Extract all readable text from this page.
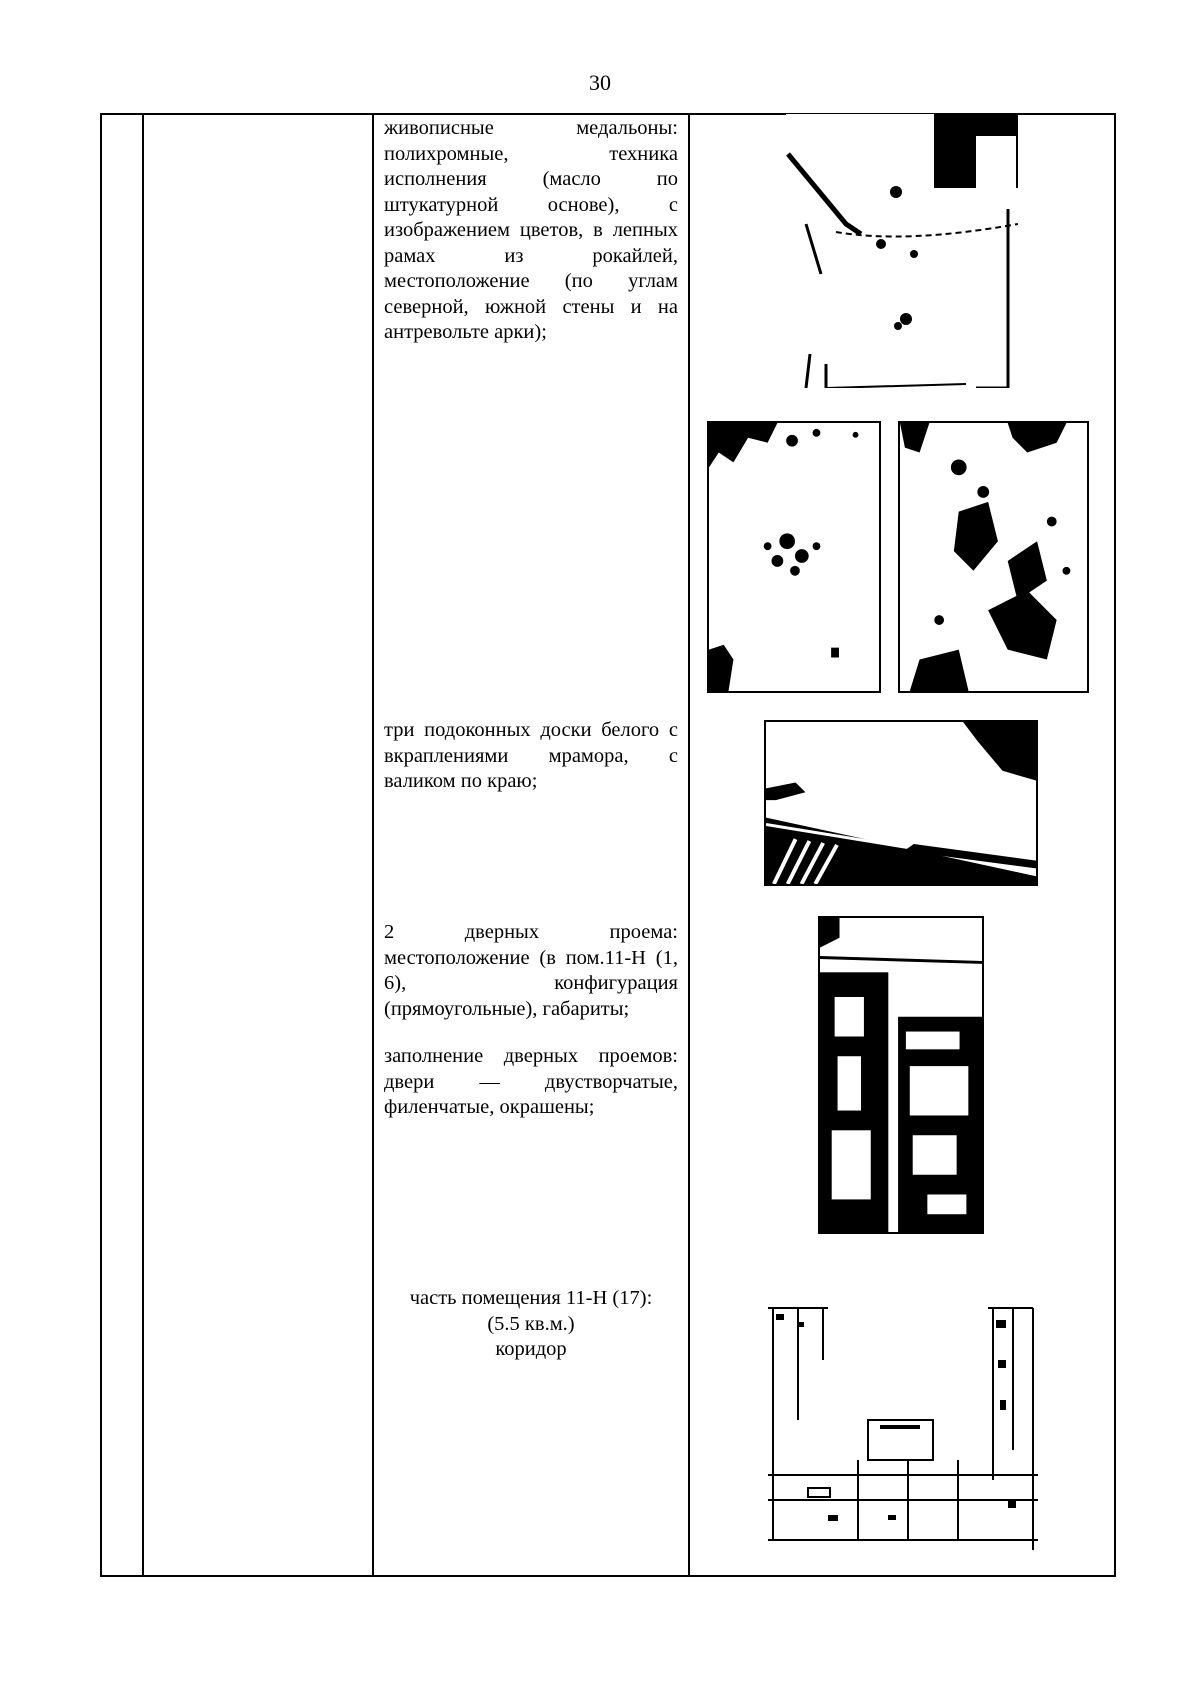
30
живописные медальоны: полихромные, техника исполнения (масло по штукатурной основе), с изображением цветов, в лепных рамах из рокайлей, местоположение (по углам северной, южной стены и на антревольте арки);
три подоконных доски белого с вкраплениями мрамора, с валиком по краю;
2 дверных проема: местоположение (в пом.11-Н (1, 6), конфигурация (прямоугольные), габариты;
заполнение дверных проемов: двери — двустворчатые, филенчатые, окрашены;
часть помещения 11-Н (17):
(5.5 кв.м.)
коридор
